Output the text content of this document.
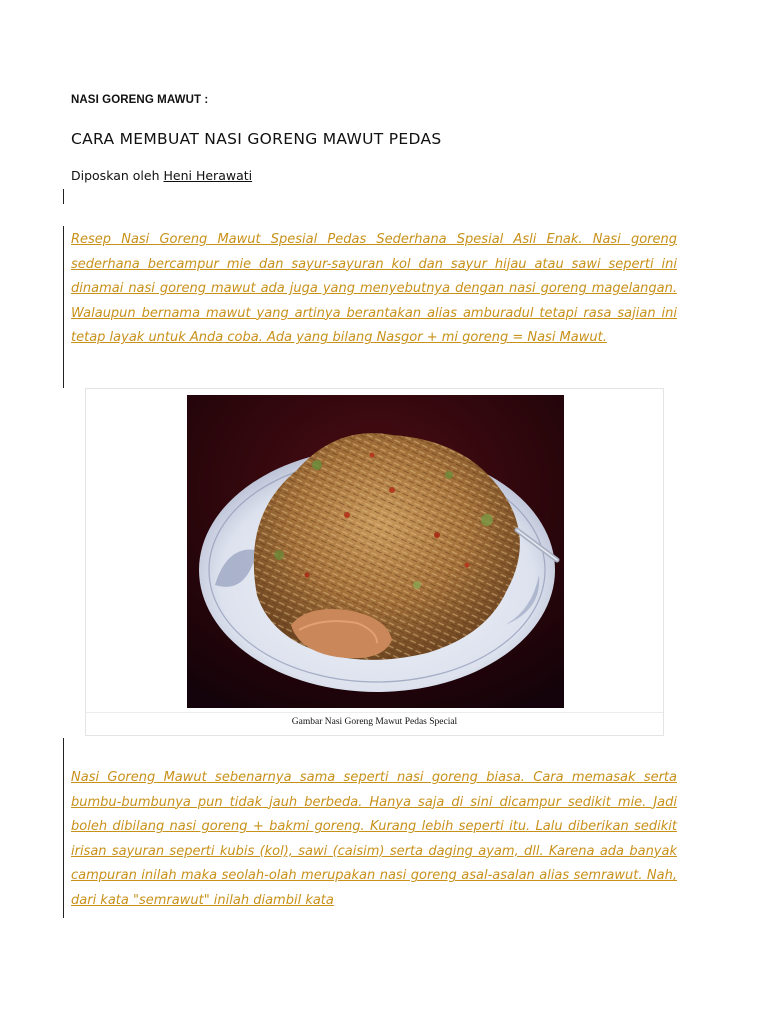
NASI GORENG MAWUT :
CARA MEMBUAT NASI GORENG MAWUT PEDAS
Diposkan oleh Heni Herawati

Resep Nasi Goreng Mawut Spesial Pedas Sederhana Spesial Asli Enak. Nasi goreng sederhana bercampur mie dan sayur-sayuran kol dan sayur hijau atau sawi seperti ini dinamai nasi goreng mawut ada juga yang menyebutnya dengan nasi goreng magelangan. Walaupun bernama mawut yang artinya berantakan alias amburadul tetapi rasa sajian ini tetap layak untuk Anda coba. Ada yang bilang Nasgor + mi goreng = Nasi Mawut.

Gambar Nasi Goreng Mawut Pedas Special

Nasi Goreng Mawut sebenarnya sama seperti nasi goreng biasa. Cara memasak serta bumbu-bumbunya pun tidak jauh berbeda. Hanya saja di sini dicampur sedikit mie. Jadi boleh dibilang nasi goreng + bakmi goreng. Kurang lebih seperti itu. Lalu diberikan sedikit irisan sayuran seperti kubis (kol), sawi (caisim) serta daging ayam, dll. Karena ada banyak campuran inilah maka seolah-olah merupakan nasi goreng asal-asalan alias semrawut. Nah, dari kata "semrawut" inilah diambil kata
